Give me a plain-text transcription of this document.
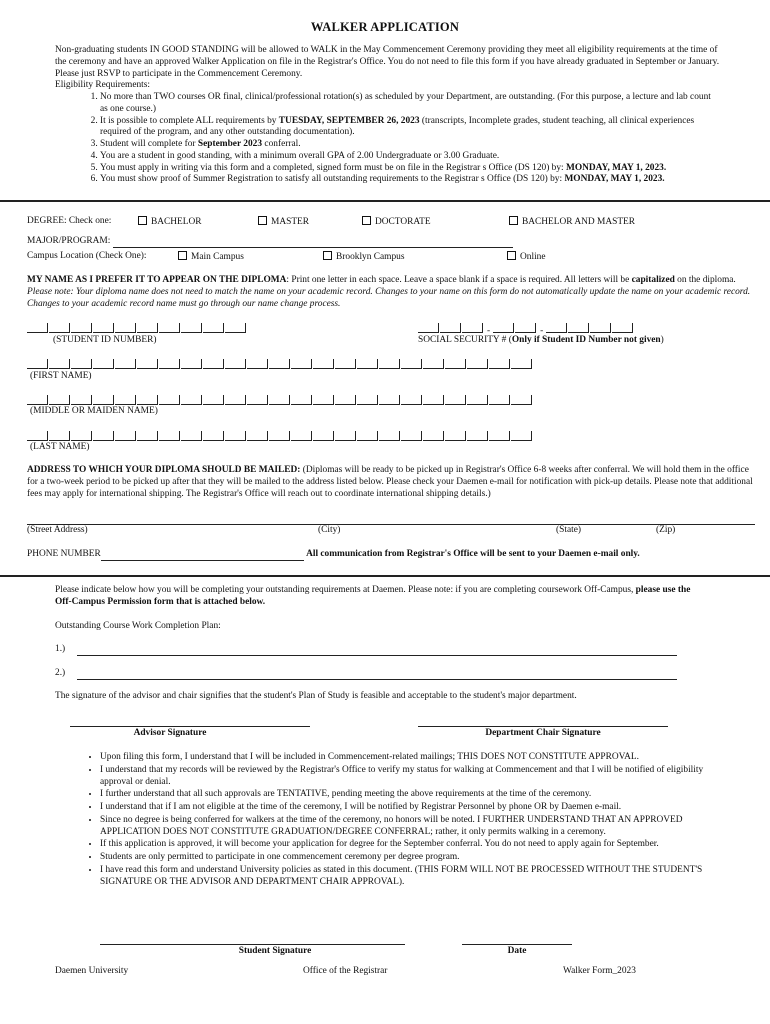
WALKER APPLICATION

Non-graduating students IN GOOD STANDING will be allowed to WALK in the May Commencement Ceremony providing they meet all eligibility requirements at the time of the ceremony and have an approved Walker Application on file in the Registrar's Office. You do not need to file this form if you have already graduated in September or January. Please just RSVP to participate in the Commencement Ceremony.

Eligibility Requirements:

1. No more than TWO courses OR final, clinical/professional rotation(s) as scheduled by your Department, are outstanding. (For this purpose, a lecture and lab count as one course.)
2. It is possible to complete ALL requirements by TUESDAY, SEPTEMBER 26, 2023 (transcripts, Incomplete grades, student teaching, all clinical experiences required of the program, and any other outstanding documentation).
3. Student will complete for September 2023 conferral.
4. You are a student in good standing, with a minimum overall GPA of 2.00 Undergraduate or 3.00 Graduate.
5. You must apply in writing via this form and a completed, signed form must be on file in the Registrar s Office (DS 120) by: MONDAY, MAY 1, 2023.
6. You must show proof of Summer Registration to satisfy all outstanding requirements to the Registrar s Office (DS 120) by: MONDAY, MAY 1, 2023.
DEGREE: Check one:	BACHELOR	MASTER	DOCTORATE	BACHELOR AND MASTER
MAJOR/PROGRAM:
Campus Location (Check One):	Main Campus	Brooklyn Campus	Online
MY NAME AS I PREFER IT TO APPEAR ON THE DIPLOMA: Print one letter in each space. Leave a space blank if a space is required. All letters will be capitalized on the diploma. Please note: Your diploma name does not need to match the name on your academic record. Changes to your name on this form do not automatically update the name on your academic record. Changes to your academic record name must go through our name change process.
(STUDENT ID NUMBER)
-	-
SOCIAL SECURITY # (Only if Student ID Number not given)
(FIRST NAME)
(MIDDLE OR MAIDEN NAME)
(LAST NAME)
ADDRESS TO WHICH YOUR DIPLOMA SHOULD BE MAILED: (Diplomas will be ready to be picked up in Registrar's Office 6-8 weeks after conferral. We will hold them in the office for a two-week period to be picked up after that they will be mailed to the address listed below. Please check your Daemen e-mail for notification with pick-up details. Please note that additional fees may apply for international shipping. The Registrar's Office will reach out to coordinate international shipping details.)
(Street Address)	(City)	(State)	(Zip)
PHONE NUMBER	All communication from Registrar's Office will be sent to your Daemen e-mail only.
Please indicate below how you will be completing your outstanding requirements at Daemen. Please note: if you are completing coursework Off-Campus, please use the Off-Campus Permission form that is attached below.
Outstanding Course Work Completion Plan:
1.)
2.)
The signature of the advisor and chair signifies that the student's Plan of Study is feasible and acceptable to the student's major department.
Advisor Signature	Department Chair Signature
• Upon filing this form, I understand that I will be included in Commencement-related mailings; THIS DOES NOT CONSTITUTE APPROVAL.
• I understand that my records will be reviewed by the Registrar's Office to verify my status for walking at Commencement and that I will be notified of eligibility approval or denial.
• I further understand that all such approvals are TENTATIVE, pending meeting the above requirements at the time of the ceremony.
• I understand that if I am not eligible at the time of the ceremony, I will be notified by Registrar Personnel by phone OR by Daemen e-mail.
• Since no degree is being conferred for walkers at the time of the ceremony, no honors will be noted. I FURTHER UNDERSTAND THAT AN APPROVED APPLICATION DOES NOT CONSTITUTE GRADUATION/DEGREE CONFERRAL; rather, it only permits walking in a ceremony.
• If this application is approved, it will become your application for degree for the September conferral. You do not need to apply again for September.
• Students are only permitted to participate in one commencement ceremony per degree program.
• I have read this form and understand University policies as stated in this document. (THIS FORM WILL NOT BE PROCESSED WITHOUT THE STUDENT'S SIGNATURE OR THE ADVISOR AND DEPARTMENT CHAIR APPROVAL).
Student Signature	Date
Daemen University	Office of the Registrar	Walker Form_2023
